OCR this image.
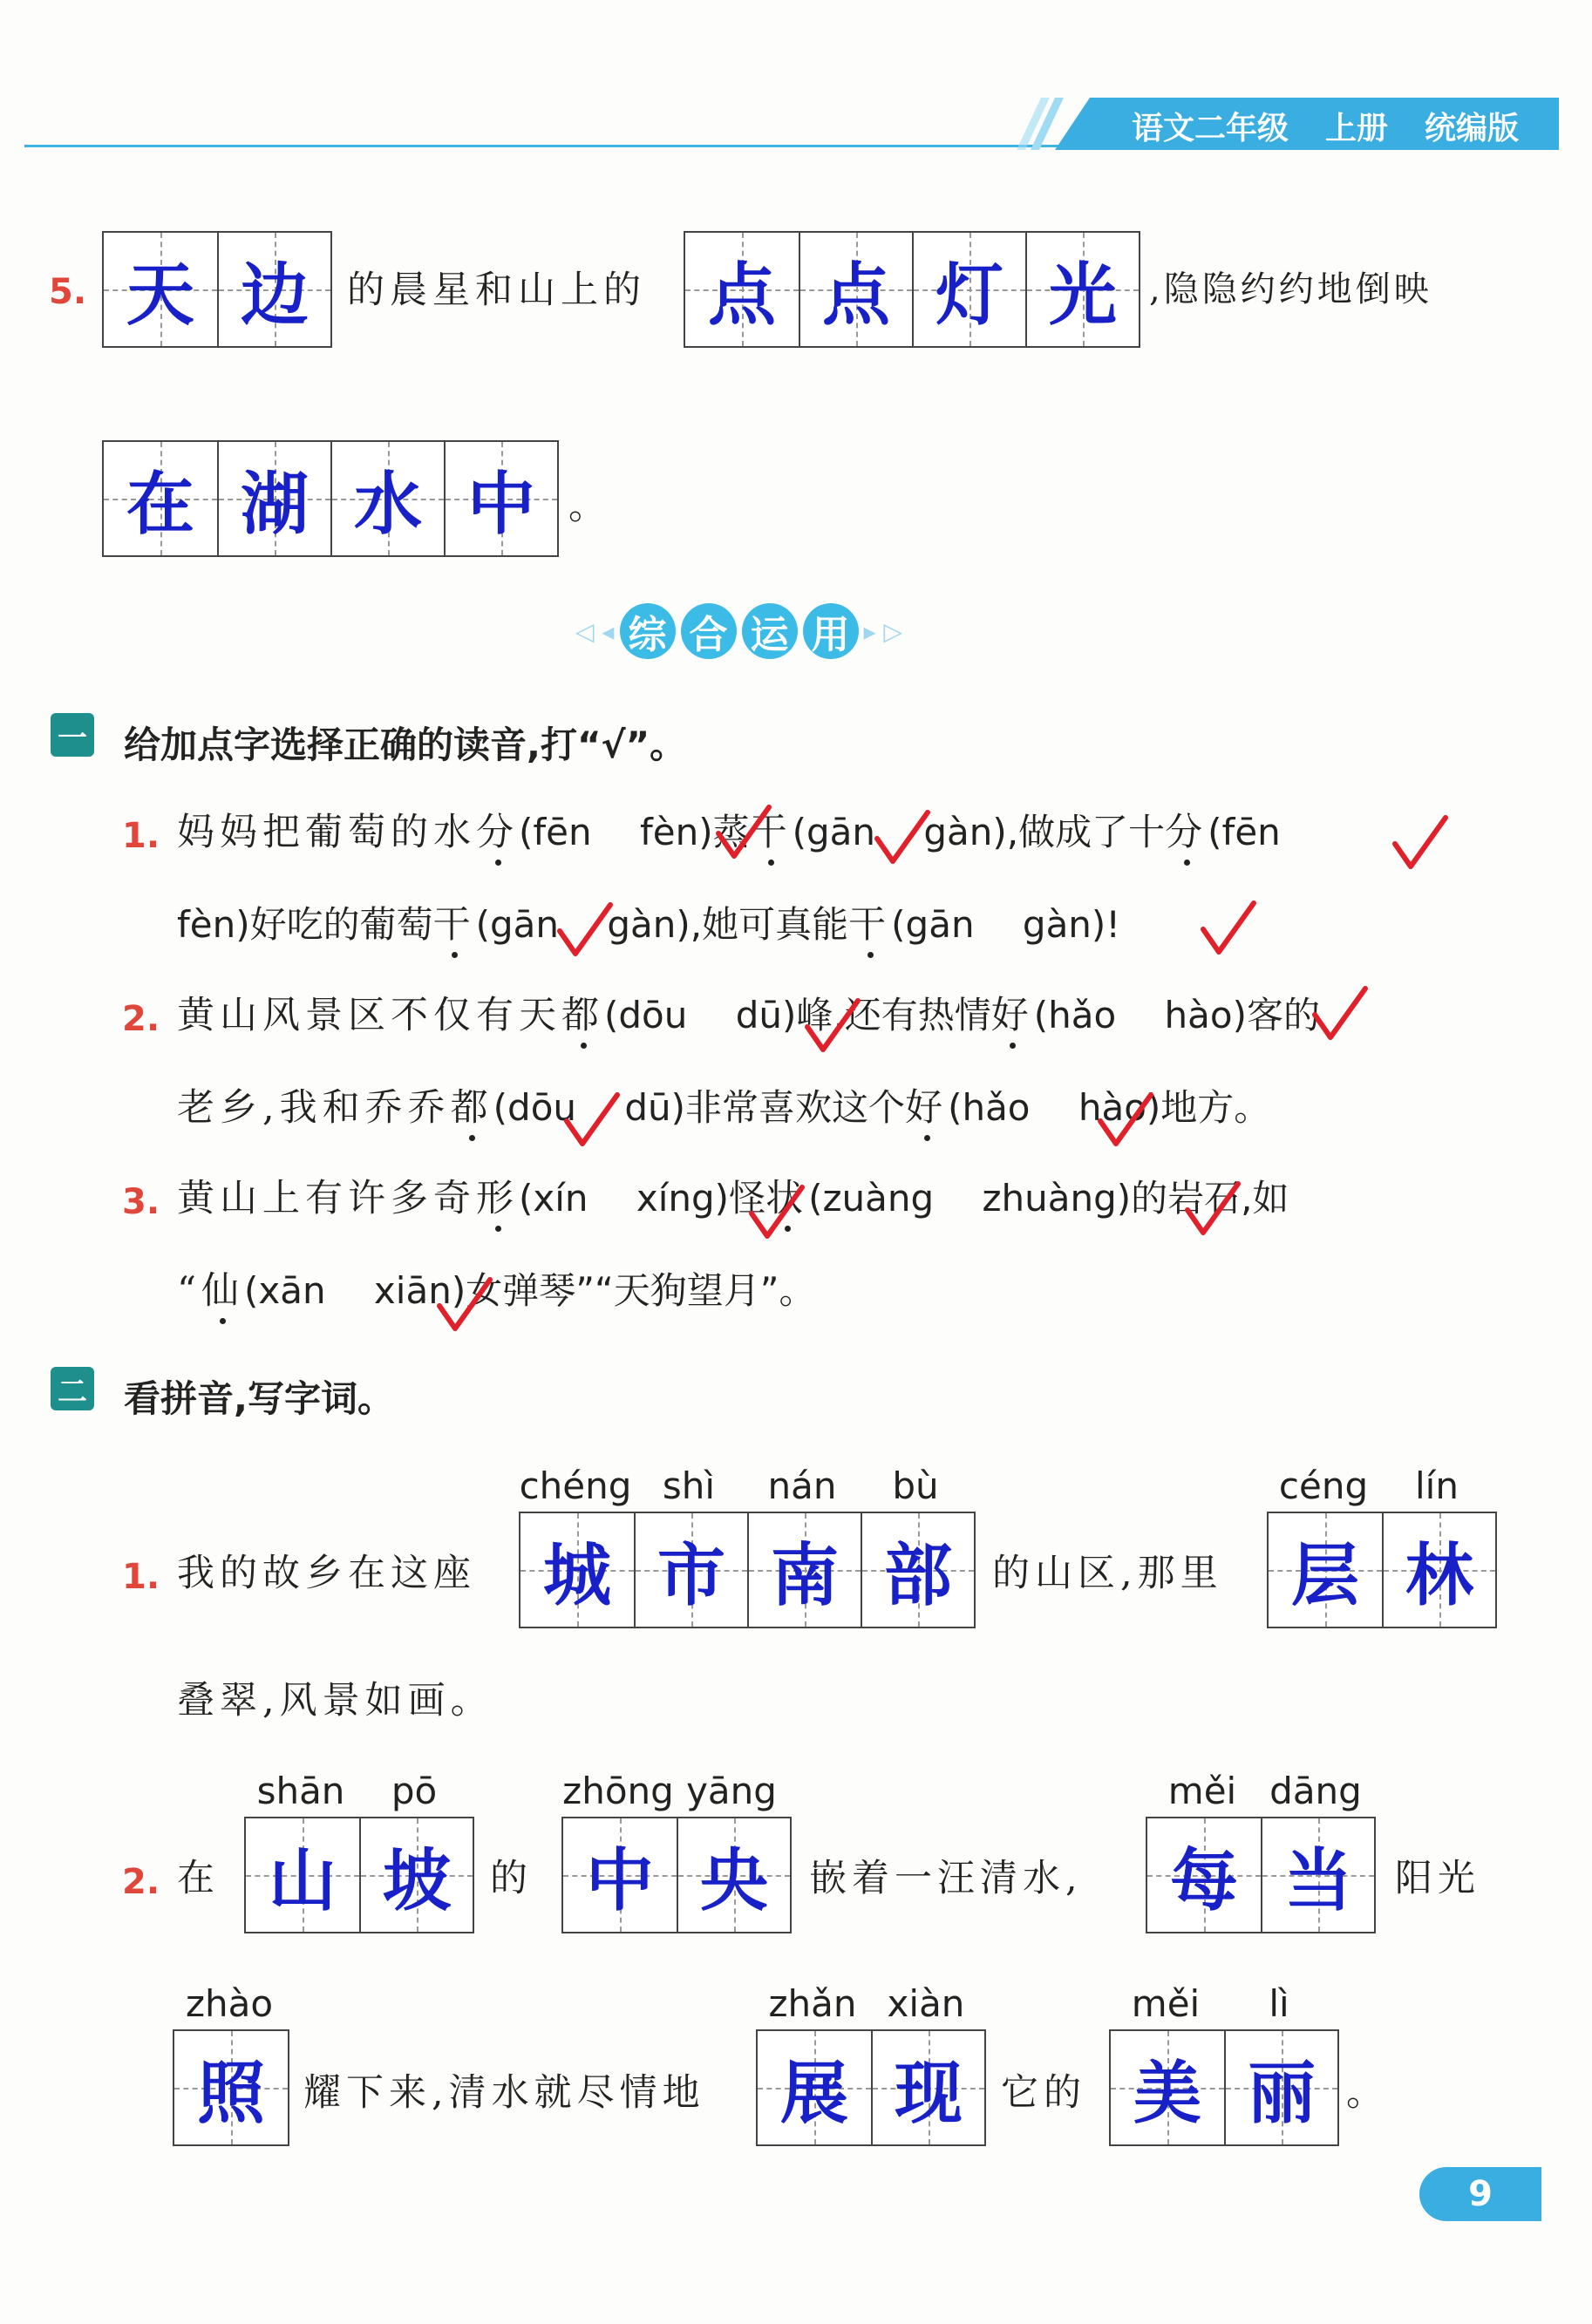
语文二年级 上册 统编版
5. 天 边 的晨星和山上的 点 点 灯 光 ,隐隐约约地倒映
在 湖 水 中 。
◁ ◂ 综 合 运 用 ▸ ▷
一 给加点字选择正确的读音,打“√”。
1. 妈妈把葡萄的水分(fēn　 fèn)蒸干(gān　 gàn),做成了十分(fēn
fèn)好吃的葡萄干(gān　 gàn),她可真能干(gān　 gàn)!
2. 黄山风景区不仅有天都(dōu　 dū)峰,还有热情好(hǎo　 hào)客的
老乡,我和乔乔都(dōu　 dū)非常喜欢这个好(hǎo　 hào)地方。
3. 黄山上有许多奇形(xín　 xíng)怪状(zuàng　 zhuàng)的岩石,如
“仙(xān　 xiān)女弹琴”“天狗望月”。
二 看拼音,写字词。
chéng shì	nán	bù
1. 我的故乡在这座 城 市 南 部 的山区,那里
céng	lín
层 林
叠翠,风景如画。
2. 在
shān	pō
山 坡 的
zhōng yāng
中 央 嵌着一汪清水,
měi dāng
每 当 阳光
zhào
照 耀下来,清水就尽情地
zhǎn xiàn
展 现 它的
měi	lì
美 丽 。
9
